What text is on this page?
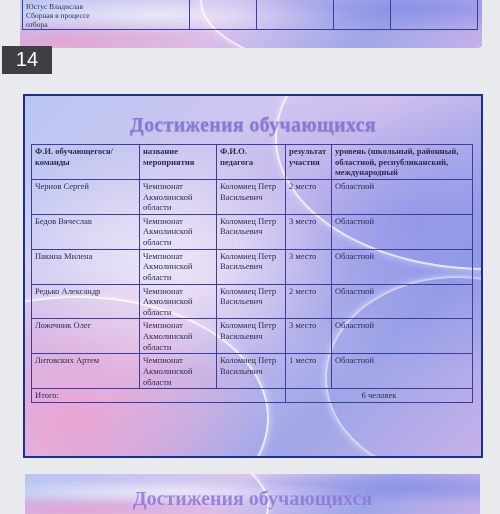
Юстус Владислав
Сборная в процессе
отбора

14
Достижения обучающихся
Ф.И. обучающегося/ команды	название мероприятия	Ф.И.О. педагога	результат участия	уровень (школьный, районный, областной, республиканский, международный
Чернов Сергей	Чемпионат Акмолинской области	Коломиец Петр Васильевич	2 место	Областной
Бедов Вячеслав	Чемпионат Акмолинской области	Коломиец Петр Васильевич	3 место	Областной
Пакина Милена	Чемпионат Акмолинской области	Коломиец Петр Васильевич	3 место	Областной
Редько Александр	Чемпионат Акмолинской области	Коломиец Петр Васильевич	2 место	Областной
Ложечник Олег	Чемпионат Акмолинской области	Коломиец Петр Васильевич	3 место	Областной
Литовских Артем	Чемпионат Акмолинской области	Коломиец Петр Васильевич	1 место	Областной
Итого:			6 человек	
Достижения обучающихся
